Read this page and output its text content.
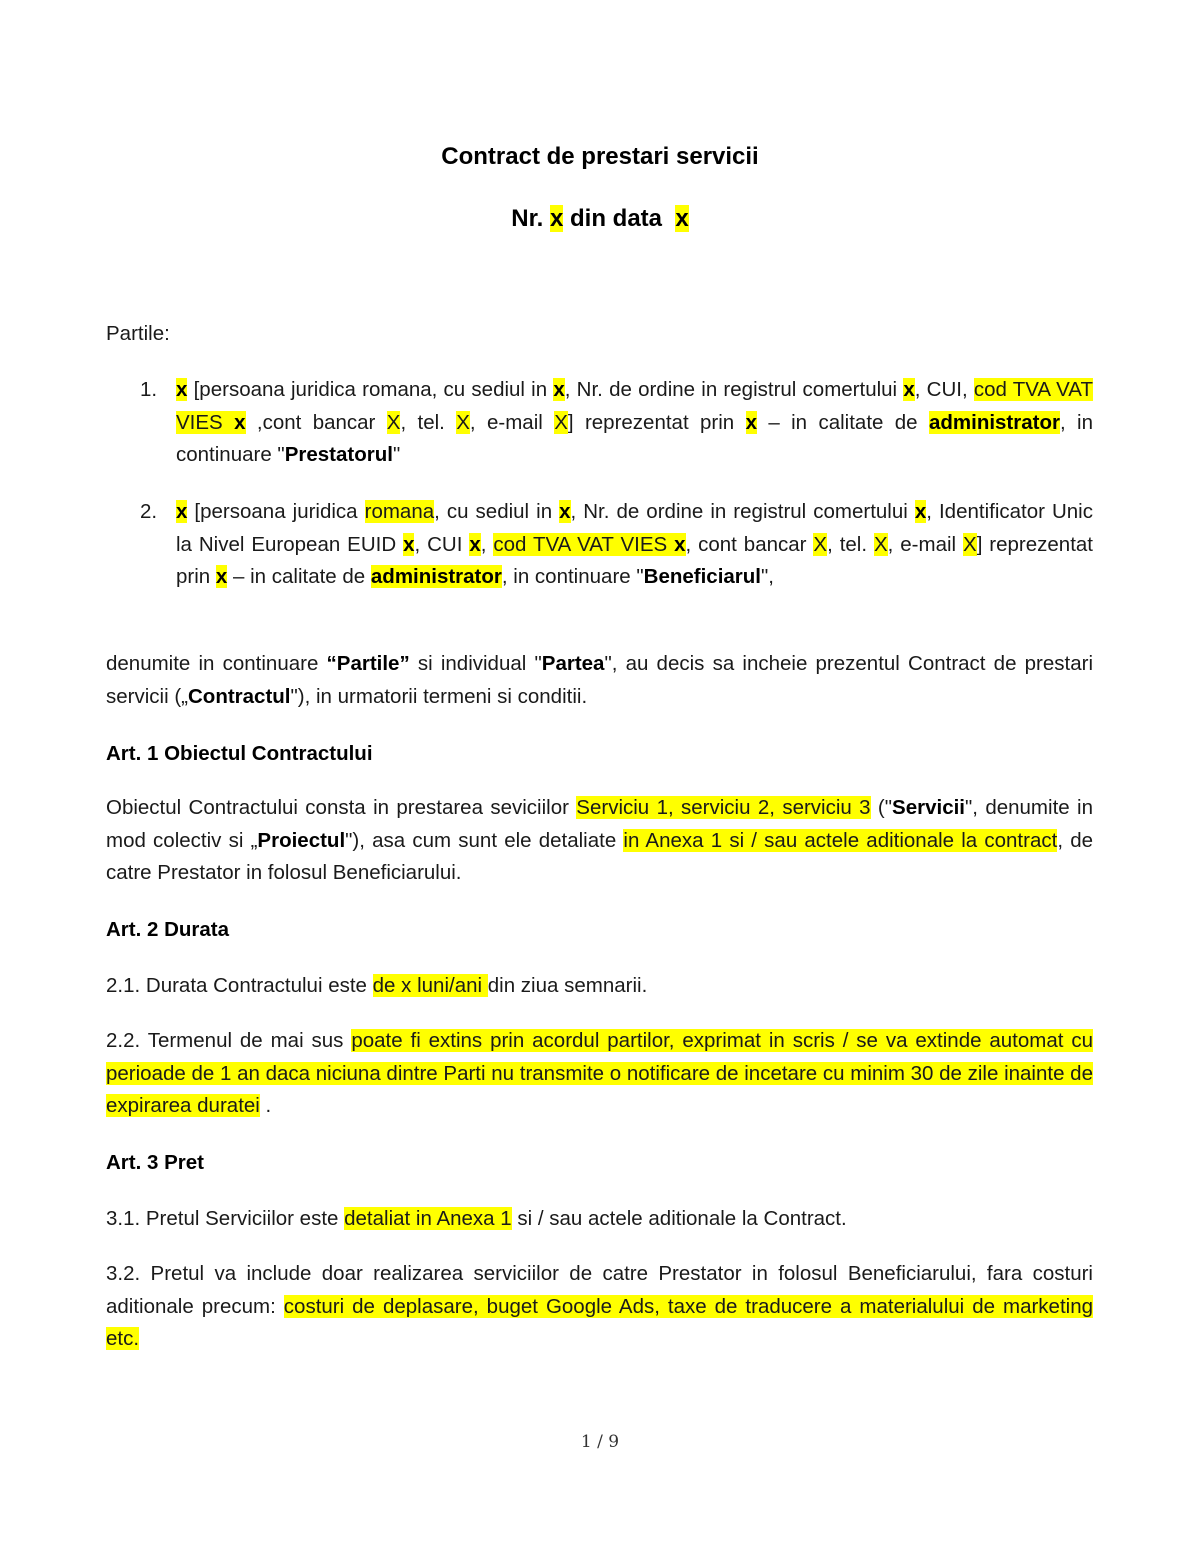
Contract de prestari servicii
Nr. x din data x
Partile:
1. x [persoana juridica romana, cu sediul in x, Nr. de ordine in registrul comertului x, CUI, cod TVA VAT VIES x ,cont bancar X, tel. X, e-mail X] reprezentat prin x – in calitate de administrator, in continuare "Prestatorul"
2. x [persoana juridica romana, cu sediul in x, Nr. de ordine in registrul comertului x, Identificator Unic la Nivel European EUID x, CUI x, cod TVA VAT VIES x, cont bancar X, tel. X, e-mail X] reprezentat prin x – in calitate de administrator, in continuare "Beneficiarul",
denumite in continuare “Partile” si individual "Partea", au decis sa incheie prezentul Contract de prestari servicii („Contractul"), in urmatorii termeni si conditii.
Art. 1 Obiectul Contractului
Obiectul Contractului consta in prestarea seviciilor Serviciu 1, serviciu 2, serviciu 3 ("Servicii", denumite in mod colectiv si „Proiectul"), asa cum sunt ele detaliate in Anexa 1 si / sau actele aditionale la contract, de catre Prestator in folosul Beneficiarului.
Art. 2 Durata
2.1. Durata Contractului este de x luni/ani din ziua semnarii.
2.2. Termenul de mai sus poate fi extins prin acordul partilor, exprimat in scris / se va extinde automat cu perioade de 1 an daca niciuna dintre Parti nu transmite o notificare de incetare cu minim 30 de zile inainte de expirarea duratei .
Art. 3 Pret
3.1. Pretul Serviciilor este detaliat in Anexa 1 si / sau actele aditionale la Contract.
3.2. Pretul va include doar realizarea serviciilor de catre Prestator in folosul Beneficiarului, fara costuri aditionale precum: costuri de deplasare, buget Google Ads, taxe de traducere a materialului de marketing etc.
1 / 9
